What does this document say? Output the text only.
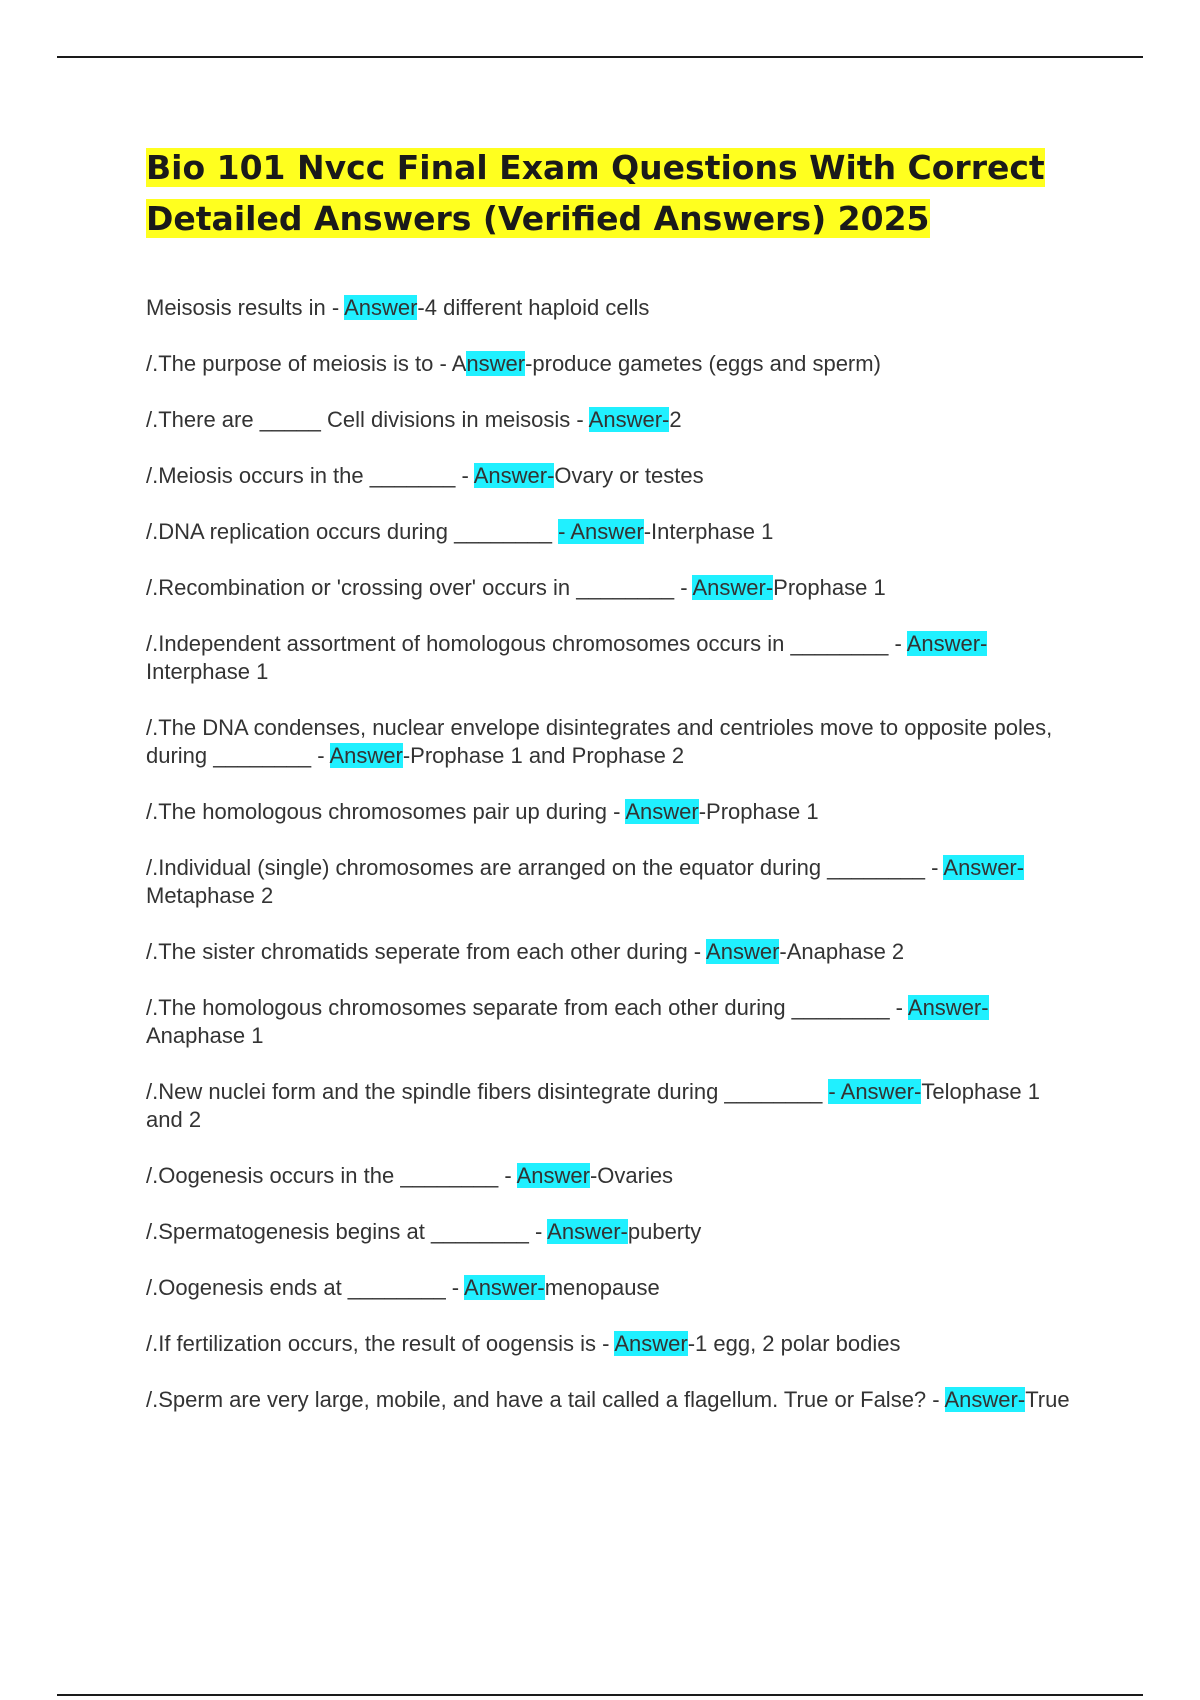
Bio 101 Nvcc Final Exam Questions With Correct Detailed Answers (Verified Answers) 2025
Meisosis results in - Answer-4 different haploid cells
/.The purpose of meiosis is to - Answer-produce gametes (eggs and sperm)
/.There are _____ Cell divisions in meisosis - Answer-2
/.Meiosis occurs in the _______ - Answer-Ovary or testes
/.DNA replication occurs during ________ - Answer-Interphase 1
/.Recombination or 'crossing over' occurs in ________ - Answer-Prophase 1
/.Independent assortment of homologous chromosomes occurs in ________ - Answer-Interphase 1
/.The DNA condenses, nuclear envelope disintegrates and centrioles move to opposite poles, during ________ - Answer-Prophase 1 and Prophase 2
/.The homologous chromosomes pair up during - Answer-Prophase 1
/.Individual (single) chromosomes are arranged on the equator during ________ - Answer-Metaphase 2
/.The sister chromatids seperate from each other during - Answer-Anaphase 2
/.The homologous chromosomes separate from each other during ________ - Answer-Anaphase 1
/.New nuclei form and the spindle fibers disintegrate during ________ - Answer-Telophase 1 and 2
/.Oogenesis occurs in the ________ - Answer-Ovaries
/.Spermatogenesis begins at ________ - Answer-puberty
/.Oogenesis ends at ________ - Answer-menopause
/.If fertilization occurs, the result of oogensis is - Answer-1 egg, 2 polar bodies
/.Sperm are very large, mobile, and have a tail called a flagellum. True or False? - Answer-True
